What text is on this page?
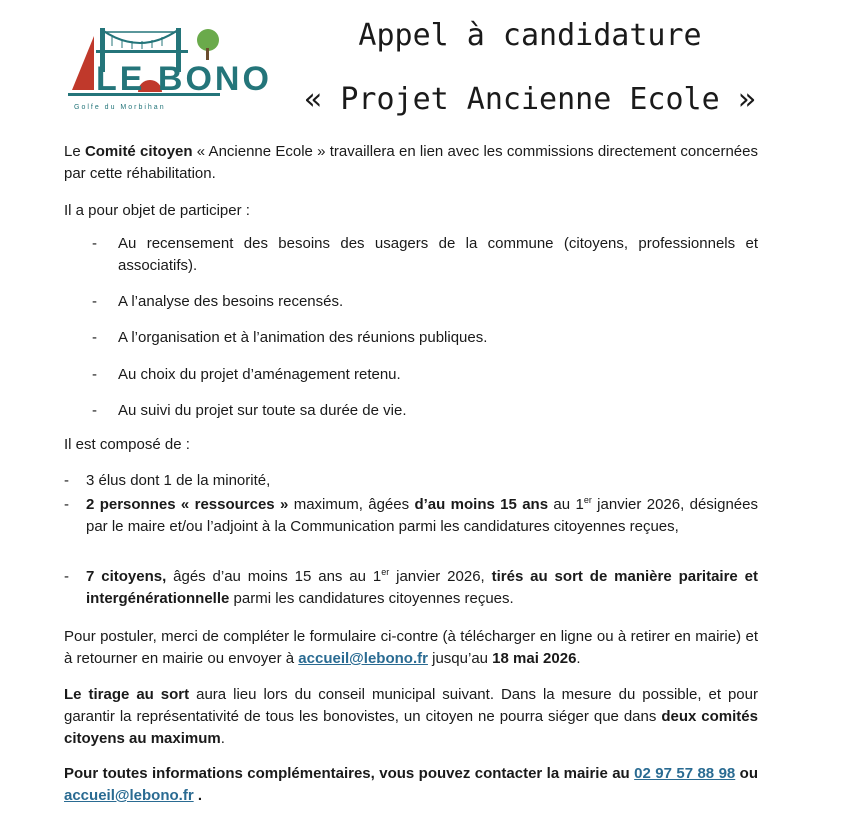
Golfe du Morbihan
Appel à candidature
« Projet Ancienne Ecole »
Le Comité citoyen « Ancienne Ecole » travaillera en lien avec les commissions directement concernées par cette réhabilitation.
Il a pour objet de participer :
- Au recensement des besoins des usagers de la commune (citoyens, professionnels et associatifs).
- A l’analyse des besoins recensés.
- A l’organisation et à l’animation des réunions publiques.
- Au choix du projet d’aménagement retenu.
- Au suivi du projet sur toute sa durée de vie.
Il est composé de :
- 3 élus dont 1 de la minorité,
- 2 personnes « ressources » maximum, âgées d’au moins 15 ans au 1er janvier 2026, désignées par le maire et/ou l’adjoint à la Communication parmi les candidatures citoyennes reçues,
- 7 citoyens, âgés d’au moins 15 ans au 1er janvier 2026, tirés au sort de manière paritaire et intergénérationnelle parmi les candidatures citoyennes reçues.
Pour postuler, merci de compléter le formulaire ci-contre (à télécharger en ligne ou à retirer en mairie) et à retourner en mairie ou envoyer à accueil@lebono.fr jusqu’au 18 mai 2026.
Le tirage au sort aura lieu lors du conseil municipal suivant. Dans la mesure du possible, et pour garantir la représentativité de tous les bonovistes, un citoyen ne pourra siéger que dans deux comités citoyens au maximum.
Pour toutes informations complémentaires, vous pouvez contacter la mairie au 02 97 57 88 98 ou accueil@lebono.fr .
LE BONO
